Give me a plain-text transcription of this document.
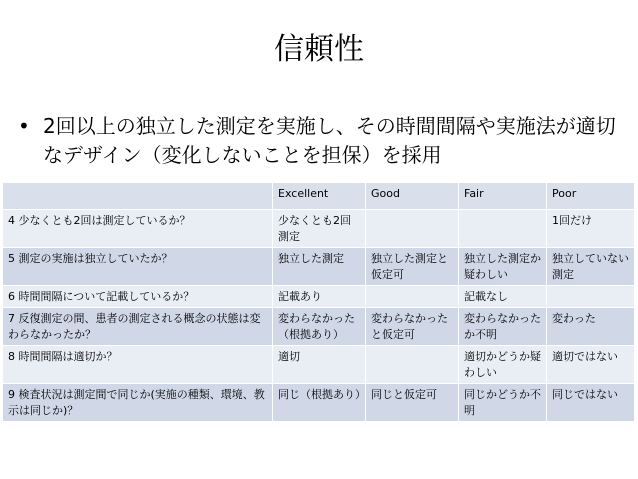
信頼性
• 2回以上の独立した測定を実施し、その時間間隔や実施法が適切なデザイン（変化しないことを担保）を採用
	Excellent	Good	Fair	Poor
4 少なくとも2回は測定しているか？	少なくとも2回測定			1回だけ
5 測定の実施は独立していたか？	独立した測定	独立した測定と仮定可	独立した測定か疑わしい	独立していない測定
6 時間間隔について記載しているか？	記載あり		記載なし	
7 反復測定の間、患者の測定される概念の状態は変わらなかったか？	変わらなかった（根拠あり）	変わらなかったと仮定可	変わらなかったか不明	変わった
8 時間間隔は適切か？	適切		適切かどうか疑わしい	適切ではない
9 検査状況は測定間で同じか(実施の種類、環境、教示は同じか)？	同じ（根拠あり）	同じと仮定可	同じかどうか不明	同じではない
